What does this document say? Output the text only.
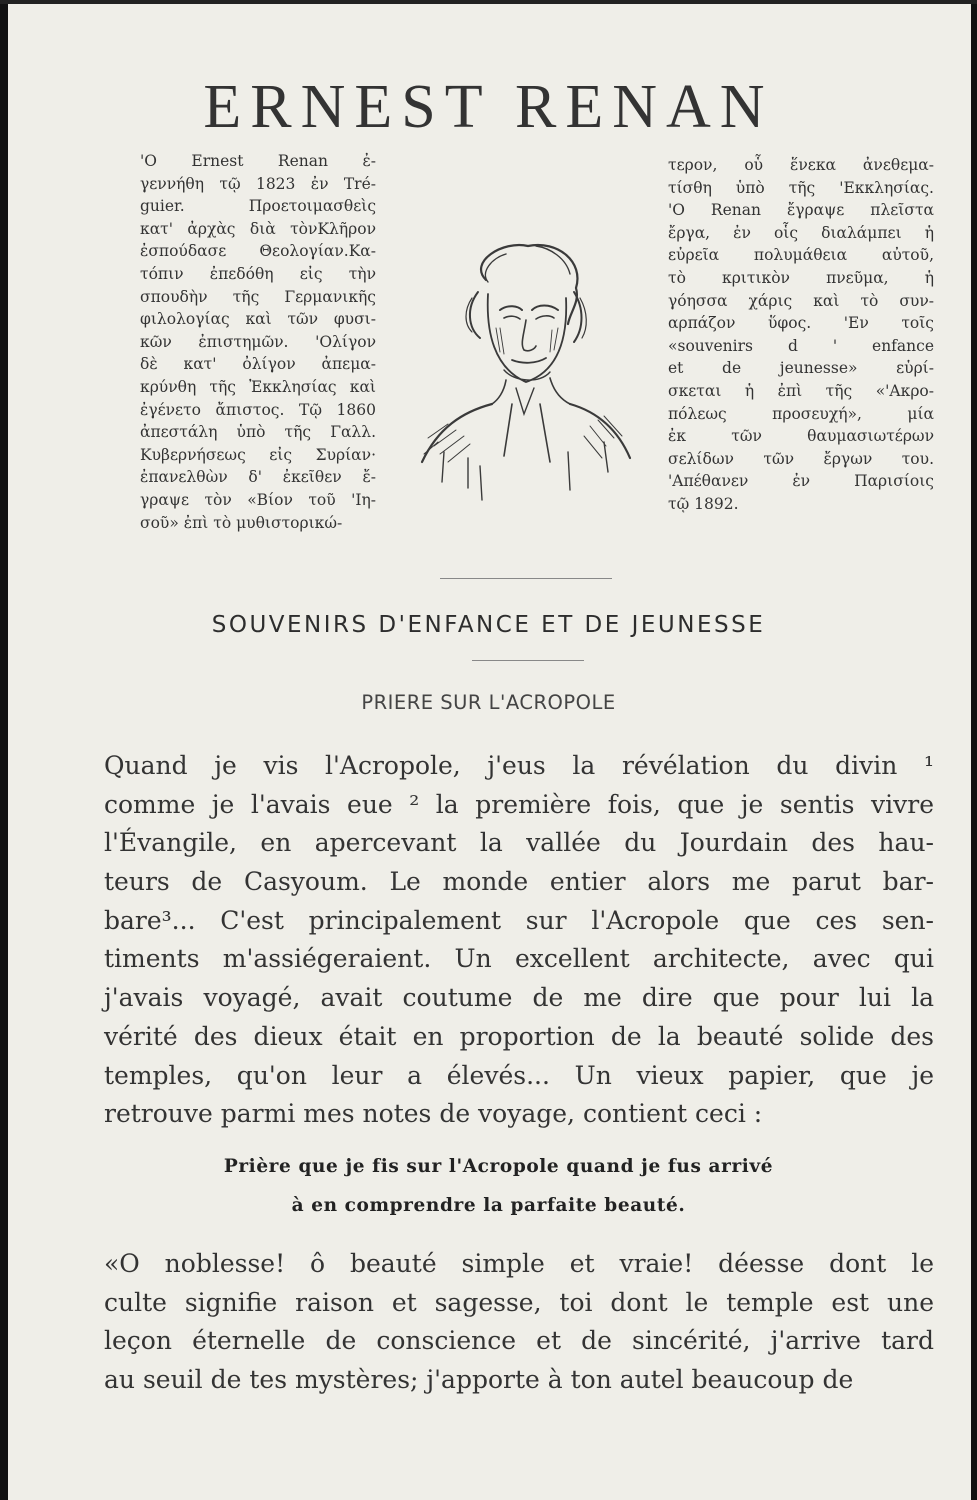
ERNEST RENAN
'Ο Ernest Renan ἐ-
γεννήθη τῷ 1823 ἐν Tré-
guier. Προετοιμασθεὶς
κατ' ἀρχὰς διὰ τὸνΚλῆρον
ἐσπούδασε Θεολογίαν.Κα-
τόπιν ἐπεδόθη εἰς τὴν
σπουδὴν τῆς Γερμανικῆς
φιλολογίας καὶ τῶν φυσι-
κῶν ἐπιστημῶν. 'Ολίγον
δὲ κατ' ὀλίγον ἀπεμα-
κρύνθη τῆς Ἐκκλησίας καὶ
ἐγένετο ἄπιστος. Τῷ 1860
ἀπεστάλη ὑπὸ τῆς Γαλλ.
Κυβερνήσεως εἰς Συρίαν·
ἐπανελθὼν δ' ἐκεῖθεν ἔ-
γραψε τὸν «Βίον τοῦ 'Ιη-
σοῦ» ἐπὶ τὸ μυθιστορικώ-
τερον, οὗ ἕνεκα ἀνεθεμα-
τίσθη ὑπὸ τῆς 'Εκκλησίας.
'Ο Renan ἔγραψε πλεῖστα
ἔργα, ἐν οἷς διαλάμπει ἡ
εὐρεῖα πολυμάθεια αὐτοῦ,
τὸ κριτικὸν πνεῦμα, ἡ
γόησσα χάρις καὶ τὸ συν-
αρπάζον ὕφος. 'Εν τοῖς
«souvenirs d ' enfance
et de jeunesse» εὑρί-
σκεται ἡ ἐπὶ τῆς «'Ακρο-
πόλεως προσευχή», μία
ἐκ τῶν θαυμασιωτέρων
σελίδων τῶν ἔργων του.
'Απέθανεν ἐν Παρισίοις
τῷ 1892.
SOUVENIRS D'ENFANCE ET DE JEUNESSE
PRIERE SUR L'ACROPOLE
Quand je vis l'Acropole, j'eus la révélation du divin ¹
comme je l'avais eue ² la première fois, que je sentis vivre
l'Évangile, en apercevant la vallée du Jourdain des hau-
teurs de Casyoum. Le monde entier alors me parut bar-
bare³... C'est principalement sur l'Acropole que ces sen-
timents m'assiégeraient. Un excellent architecte, avec qui
j'avais voyagé, avait coutume de me dire que pour lui la
vérité des dieux était en proportion de la beauté solide des
temples, qu'on leur a élevés... Un vieux papier, que je
retrouve parmi mes notes de voyage, contient ceci :
Prière que je fis sur l'Acropole quand je fus arrivé
à en comprendre la parfaite beauté.
«O noblesse! ô beauté simple et vraie! déesse dont le
culte signifie raison et sagesse, toi dont le temple est une
leçon éternelle de conscience et de sincérité, j'arrive tard
au seuil de tes mystères; j'apporte à ton autel beaucoup de
